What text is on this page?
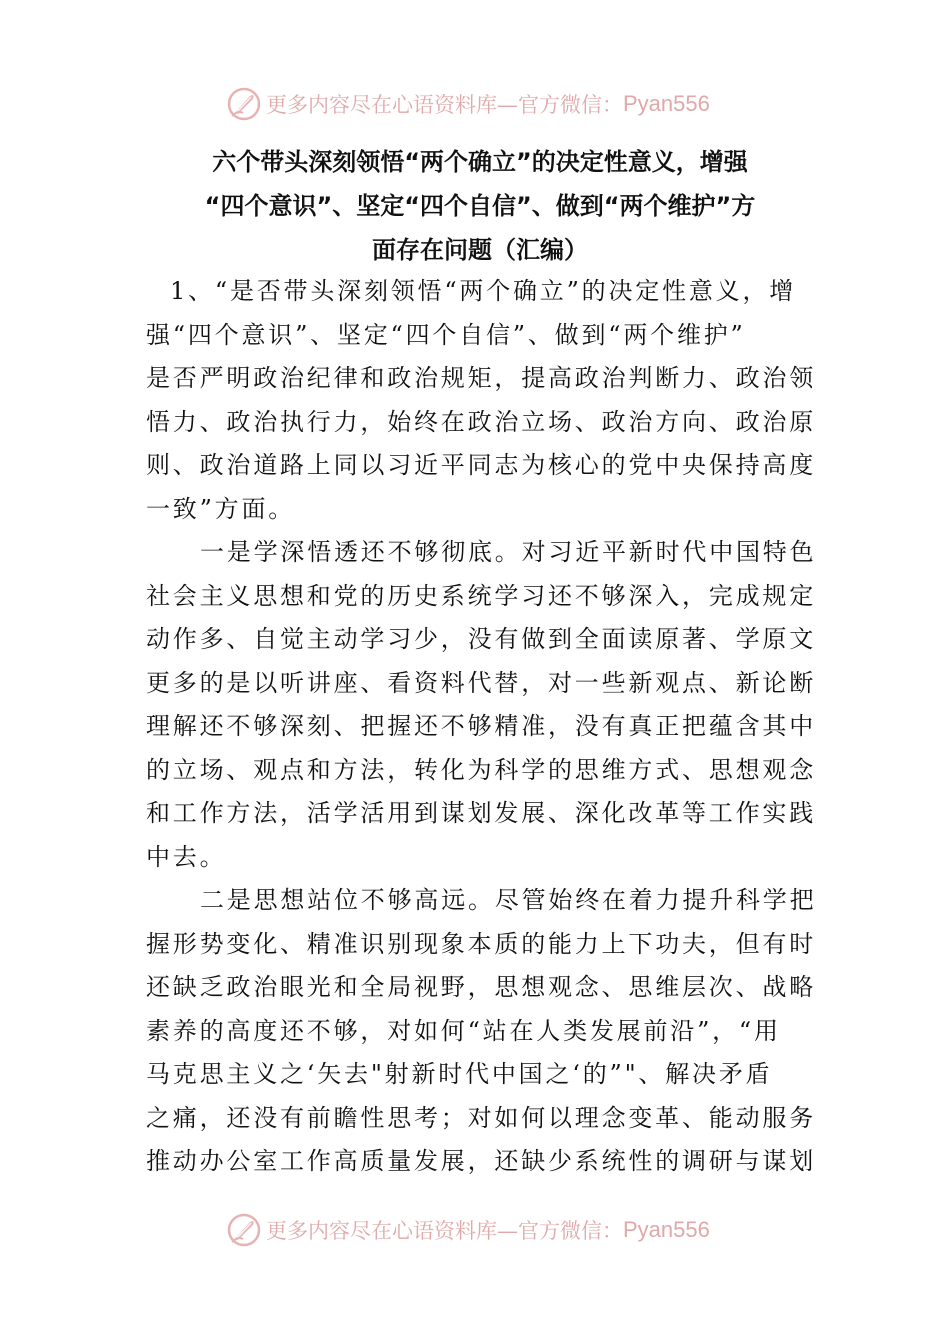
更多内容尽在心语资料库—官方微信： Pyan556
六个带头深刻领悟“两个确立”的决定性意义，增强
“四个意识”、坚定“四个自信”、做到“两个维护”方
面存在问题（汇编）

1、“是否带头深刻领悟“两个确立”的决定性意义，增
强“四个意识”、坚定“四个自信”、做到“两个维护”
是否严明政治纪律和政治规矩，提高政治判断力、政治领
悟力、政治执行力，始终在政治立场、政治方向、政治原
则、政治道路上同以习近平同志为核心的党中央保持高度
一致”方面。

一是学深悟透还不够彻底。对习近平新时代中国特色
社会主义思想和党的历史系统学习还不够深入，完成规定
动作多、自觉主动学习少，没有做到全面读原著、学原文
更多的是以听讲座、看资料代替，对一些新观点、新论断
理解还不够深刻、把握还不够精准，没有真正把蕴含其中
的立场、观点和方法，转化为科学的思维方式、思想观念
和工作方法，活学活用到谋划发展、深化改革等工作实践
中去。

二是思想站位不够高远。尽管始终在着力提升科学把
握形势变化、精准识别现象本质的能力上下功夫，但有时
还缺乏政治眼光和全局视野，思想观念、思维层次、战略
素养的高度还不够，对如何“站在人类发展前沿”，“用
马克思主义之‘矢去"射新时代中国之‘的”"、解决矛盾
之痛，还没有前瞻性思考；对如何以理念变革、能动服务
推动办公室工作高质量发展，还缺少系统性的调研与谋划

更多内容尽在心语资料库—官方微信： Pyan556
